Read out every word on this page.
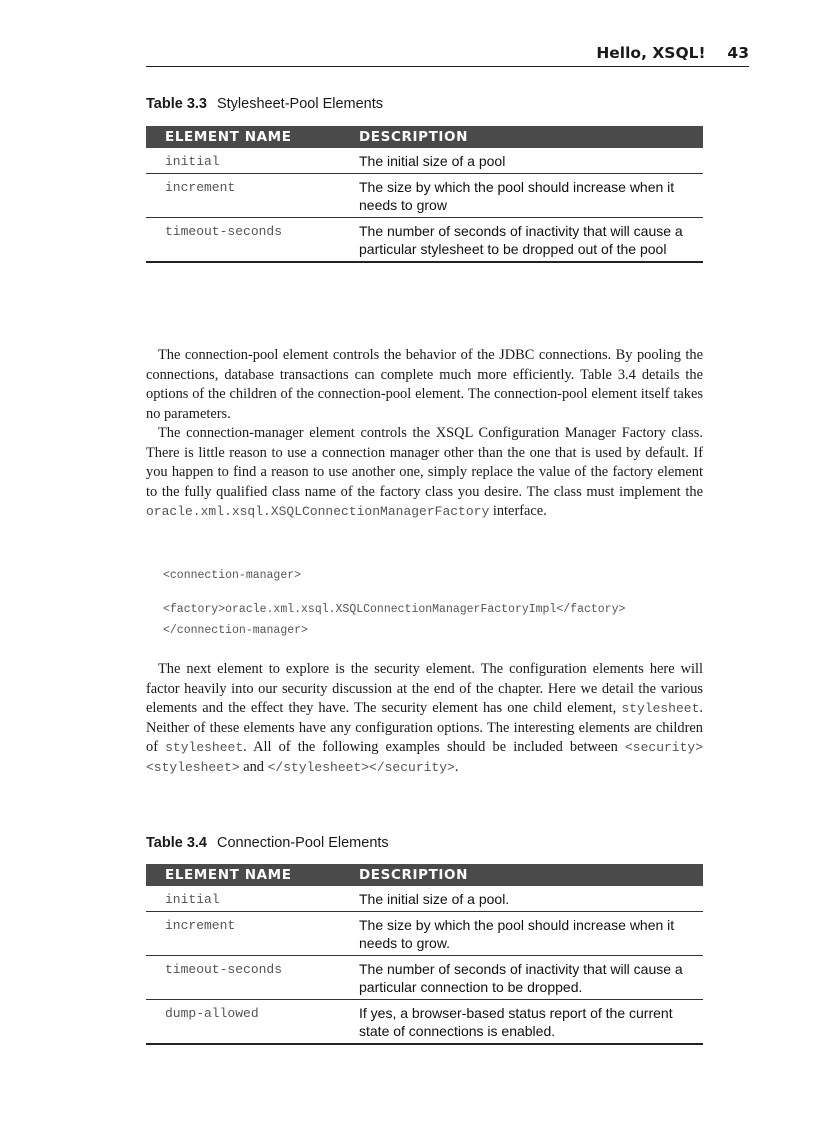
Hello, XSQL! 43
Table 3.3 Stylesheet-Pool Elements
ELEMENT NAME	DESCRIPTION
initial	The initial size of a pool
increment	The size by which the pool should increase when it needs to grow
timeout-seconds	The number of seconds of inactivity that will cause a particular stylesheet to be dropped out of the pool

The connection-pool element controls the behavior of the JDBC connections. By pooling the connections, database transactions can complete much more efficiently. Table 3.4 details the options of the children of the connection-pool element. The connection-pool element itself takes no parameters.

The connection-manager element controls the XSQL Configuration Manager Factory class. There is little reason to use a connection manager other than the one that is used by default. If you happen to find a reason to use another one, simply replace the value of the factory element to the fully qualified class name of the factory class you desire. The class must implement the oracle.xml.xsql.XSQLConnectionManagerFactory interface.

<connection-manager>
<factory>oracle.xml.xsql.XSQLConnectionManagerFactoryImpl</factory>
</connection-manager>

The next element to explore is the security element. The configuration elements here will factor heavily into our security discussion at the end of the chapter. Here we detail the various elements and the effect they have. The security element has one child element, stylesheet. Neither of these elements have any configuration options. The interesting elements are children of stylesheet. All of the following examples should be included between <security><stylesheet> and </stylesheet></security>.

Table 3.4 Connection-Pool Elements
ELEMENT NAME	DESCRIPTION
initial	The initial size of a pool.
increment	The size by which the pool should increase when it needs to grow.
timeout-seconds	The number of seconds of inactivity that will cause a particular connection to be dropped.
dump-allowed	If yes, a browser-based status report of the current state of connections is enabled.
